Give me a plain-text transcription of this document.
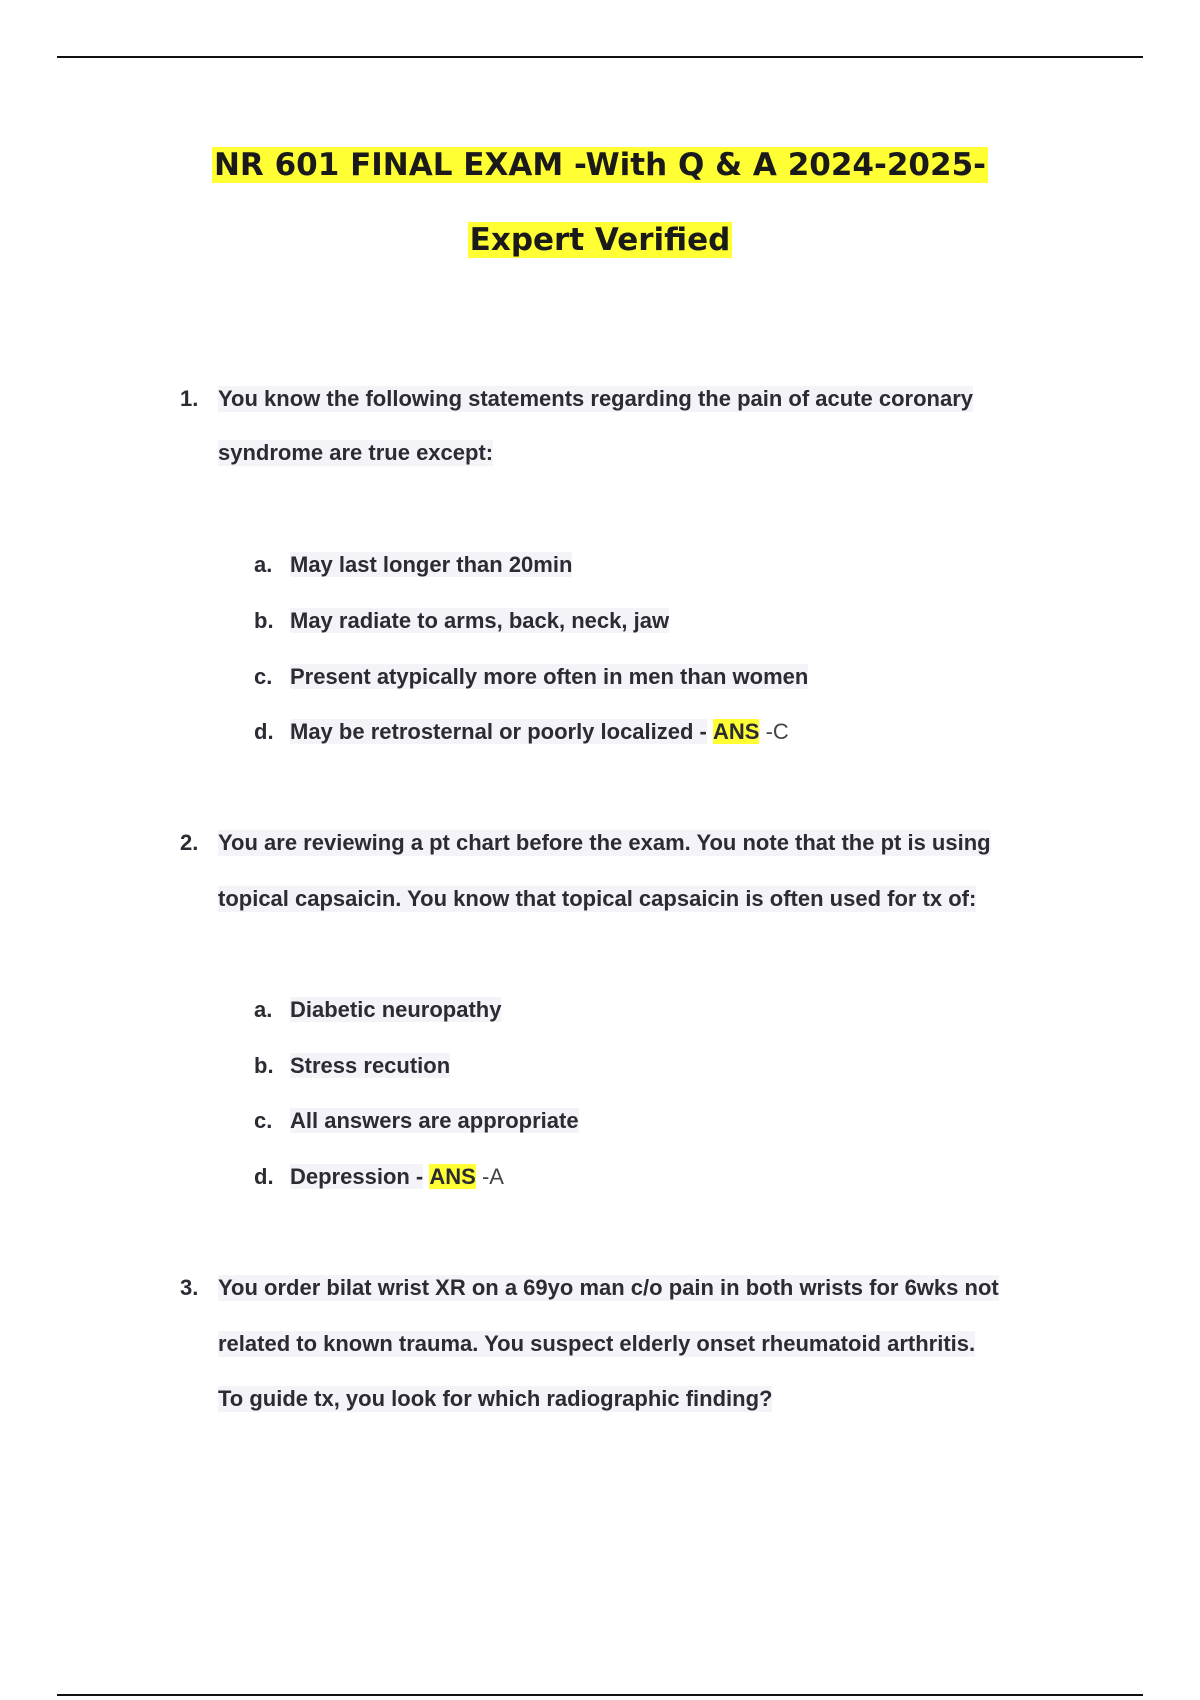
NR 601 FINAL EXAM -With Q & A 2024-2025-
Expert Verified
1. You know the following statements regarding the pain of acute coronary
syndrome are true except:
a. May last longer than 20min
b. May radiate to arms, back, neck, jaw
c. Present atypically more often in men than women
d. May be retrosternal or poorly localized - ANS -C
2. You are reviewing a pt chart before the exam. You note that the pt is using
topical capsaicin. You know that topical capsaicin is often used for tx of:
a. Diabetic neuropathy
b. Stress recution
c. All answers are appropriate
d. Depression - ANS -A
3. You order bilat wrist XR on a 69yo man c/o pain in both wrists for 6wks not
related to known trauma. You suspect elderly onset rheumatoid arthritis.
To guide tx, you look for which radiographic finding?
